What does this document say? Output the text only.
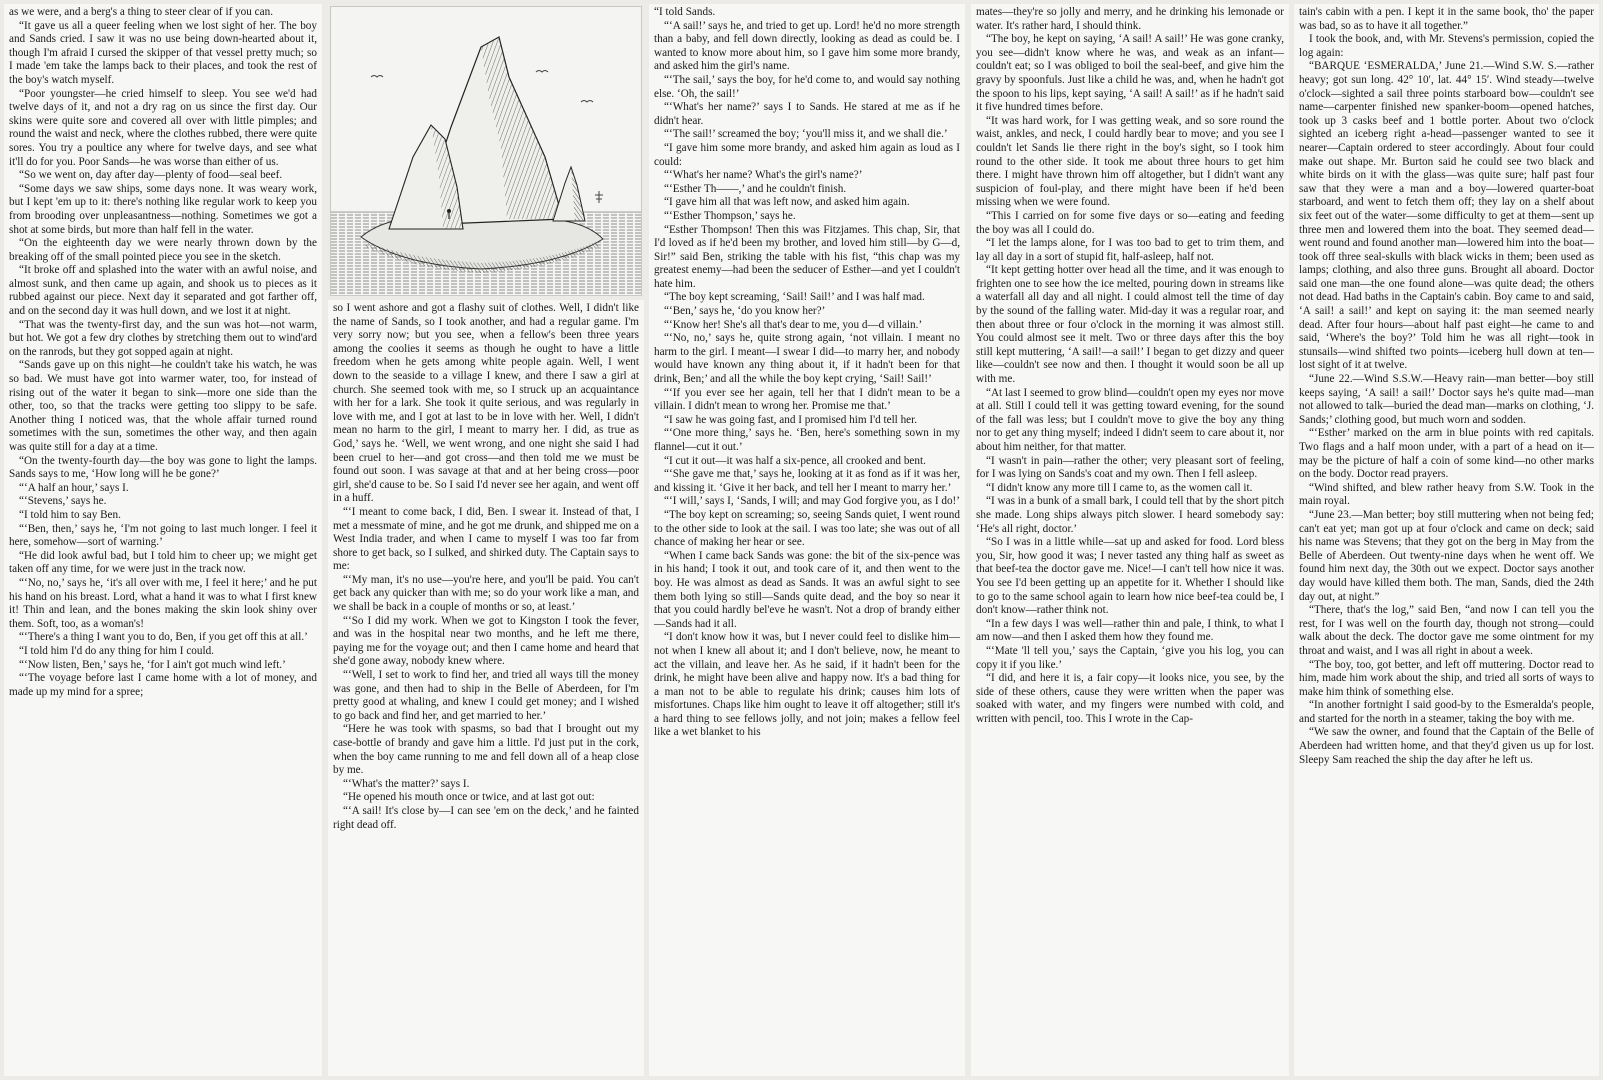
as we were, and a berg's a thing to steer clear of if you can.

“It gave us all a queer feeling when we lost sight of her. The boy and Sands cried. I saw it was no use being down-hearted about it, though I'm afraid I cursed the skipper of that vessel pretty much; so I made 'em take the lamps back to their places, and took the rest of the boy's watch myself.

“Poor youngster—he cried himself to sleep. You see we'd had twelve days of it, and not a dry rag on us since the first day. Our skins were quite sore and covered all over with little pimples; and round the waist and neck, where the clothes rubbed, there were quite sores. You try a poultice any where for twelve days, and see what it'll do for you. Poor Sands—he was worse than either of us.

“So we went on, day after day—plenty of food—seal beef.

“Some days we saw ships, some days none. It was weary work, but I kept 'em up to it: there's nothing like regular work to keep you from brooding over unpleasantness—nothing. Sometimes we got a shot at some birds, but more than half fell in the water.

“On the eighteenth day we were nearly thrown down by the breaking off of the small pointed piece you see in the sketch.

“It broke off and splashed into the water with an awful noise, and almost sunk, and then came up again, and shook us to pieces as it rubbed against our piece. Next day it separated and got farther off, and on the second day it was hull down, and we lost it at night.

“That was the twenty-first day, and the sun was hot—not warm, but hot. We got a few dry clothes by stretching them out to wind'ard on the ranrods, but they got sopped again at night.

“Sands gave up on this night—he couldn't take his watch, he was so bad. We must have got into warmer water, too, for instead of rising out of the water it began to sink—more one side than the other, too, so that the tracks were getting too slippy to be safe. Another thing I noticed was, that the whole affair turned round sometimes with the sun, sometimes the other way, and then again was quite still for a day at a time.

“On the twenty-fourth day—the boy was gone to light the lamps. Sands says to me, ‘How long will he be gone?’

“‘A half an hour,’ says I.

“‘Stevens,’ says he.

“I told him to say Ben.

“‘Ben, then,’ says he, ‘I'm not going to last much longer. I feel it here, somehow—sort of warning.’

“He did look awful bad, but I told him to cheer up; we might get taken off any time, for we were just in the track now.

“‘No, no,’ says he, ‘it's all over with me, I feel it here;’ and he put his hand on his breast. Lord, what a hand it was to what I first knew it! Thin and lean, and the bones making the skin look shiny over them. Soft, too, as a woman's!

“‘There's a thing I want you to do, Ben, if you get off this at all.’

“I told him I'd do any thing for him I could.

“‘Now listen, Ben,’ says he, ‘for I ain't got much wind left.’

“‘The voyage before last I came home with a lot of money, and made up my mind for a spree;

so I went ashore and got a flashy suit of clothes. Well, I didn't like the name of Sands, so I took another, and had a regular game. I'm very sorry now; but you see, when a fellow's been three years among the coolies it seems as though he ought to have a little freedom when he gets among white people again. Well, I went down to the seaside to a village I knew, and there I saw a girl at church. She seemed took with me, so I struck up an acquaintance with her for a lark. She took it quite serious, and was regularly in love with me, and I got at last to be in love with her. Well, I didn't mean no harm to the girl, I meant to marry her. I did, as true as God,’ says he. ‘Well, we went wrong, and one night she said I had been cruel to her—and got cross—and then told me we must be found out soon. I was savage at that and at her being cross—poor girl, she'd cause to be. So I said I'd never see her again, and went off in a huff.

“‘I meant to come back, I did, Ben. I swear it. Instead of that, I met a messmate of mine, and he got me drunk, and shipped me on a West India trader, and when I came to myself I was too far from shore to get back, so I sulked, and shirked duty. The Captain says to me:

“‘My man, it's no use—you're here, and you'll be paid. You can't get back any quicker than with me; so do your work like a man, and we shall be back in a couple of months or so, at least.’

“‘So I did my work. When we got to Kingston I took the fever, and was in the hospital near two months, and he left me there, paying me for the voyage out; and then I came home and heard that she'd gone away, nobody knew where.

“‘Well, I set to work to find her, and tried all ways till the money was gone, and then had to ship in the Belle of Aberdeen, for I'm pretty good at whaling, and knew I could get money; and I wished to go back and find her, and get married to her.’

“Here he was took with spasms, so bad that I brought out my case-bottle of brandy and gave him a little. I'd just put in the cork, when the boy came running to me and fell down all of a heap close by me.

“‘What's the matter?’ says I.

“He opened his mouth once or twice, and at last got out:

“‘A sail! It's close by—I can see 'em on the deck,’ and he fainted right dead off.

“I told Sands.

“‘A sail!’ says he, and tried to get up. Lord! he'd no more strength than a baby, and fell down directly, looking as dead as could be. I wanted to know more about him, so I gave him some more brandy, and asked him the girl's name.

“‘The sail,’ says the boy, for he'd come to, and would say nothing else. ‘Oh, the sail!’

“‘What's her name?’ says I to Sands. He stared at me as if he didn't hear.

“‘The sail!’ screamed the boy; ‘you'll miss it, and we shall die.’

“I gave him some more brandy, and asked him again as loud as I could:

“‘What's her name? What's the girl's name?’

“‘Esther Th——,’ and he couldn't finish.

“I gave him all that was left now, and asked him again.

“‘Esther Thompson,’ says he.

“Esther Thompson! Then this was Fitzjames. This chap, Sir, that I'd loved as if he'd been my brother, and loved him still—by G—d, Sir!” said Ben, striking the table with his fist, “this chap was my greatest enemy—had been the seducer of Esther—and yet I couldn't hate him.

“The boy kept screaming, ‘Sail! Sail!’ and I was half mad.

“‘Ben,’ says he, ‘do you know her?’

“‘Know her! She's all that's dear to me, you d—d villain.’

“‘No, no,’ says he, quite strong again, ‘not villain. I meant no harm to the girl. I meant—I swear I did—to marry her, and nobody would have known any thing about it, if it hadn't been for that drink, Ben;’ and all the while the boy kept crying, ‘Sail! Sail!’

“‘If you ever see her again, tell her that I didn't mean to be a villain. I didn't mean to wrong her. Promise me that.’

“I saw he was going fast, and I promised him I'd tell her.

“‘One more thing,’ says he. ‘Ben, here's something sown in my flannel—cut it out.’

“I cut it out—it was half a six-pence, all crooked and bent.

“‘She gave me that,’ says he, looking at it as fond as if it was her, and kissing it. ‘Give it her back, and tell her I meant to marry her.’

“‘I will,’ says I, ‘Sands, I will; and may God forgive you, as I do!’

“The boy kept on screaming; so, seeing Sands quiet, I went round to the other side to look at the sail. I was too late; she was out of all chance of making her hear or see.

“When I came back Sands was gone: the bit of the six-pence was in his hand; I took it out, and took care of it, and then went to the boy. He was almost as dead as Sands. It was an awful sight to see them both lying so still—Sands quite dead, and the boy so near it that you could hardly bel'eve he wasn't. Not a drop of brandy either—Sands had it all.

“I don't know how it was, but I never could feel to dislike him—not when I knew all about it; and I don't believe, now, he meant to act the villain, and leave her. As he said, if it hadn't been for the drink, he might have been alive and happy now. It's a bad thing for a man not to be able to regulate his drink; causes him lots of misfortunes. Chaps like him ought to leave it off altogether; still it's a hard thing to see fellows jolly, and not join; makes a fellow feel like a wet blanket to his

mates—they're so jolly and merry, and he drinking his lemonade or water. It's rather hard, I should think.

“The boy, he kept on saying, ‘A sail! A sail!’ He was gone cranky, you see—didn't know where he was, and weak as an infant—couldn't eat; so I was obliged to boil the seal-beef, and give him the gravy by spoonfuls. Just like a child he was, and, when he hadn't got the spoon to his lips, kept saying, ‘A sail! A sail!’ as if he hadn't said it five hundred times before.

“It was hard work, for I was getting weak, and so sore round the waist, ankles, and neck, I could hardly bear to move; and you see I couldn't let Sands lie there right in the boy's sight, so I took him round to the other side. It took me about three hours to get him there. I might have thrown him off altogether, but I didn't want any suspicion of foul-play, and there might have been if he'd been missing when we were found.

“This I carried on for some five days or so—eating and feeding the boy was all I could do.

“I let the lamps alone, for I was too bad to get to trim them, and lay all day in a sort of stupid fit, half-asleep, half not.

“It kept getting hotter over head all the time, and it was enough to frighten one to see how the ice melted, pouring down in streams like a waterfall all day and all night. I could almost tell the time of day by the sound of the falling water. Mid-day it was a regular roar, and then about three or four o'clock in the morning it was almost still. You could almost see it melt. Two or three days after this the boy still kept muttering, ‘A sail!—a sail!’ I began to get dizzy and queer like—couldn't see now and then. I thought it would soon be all up with me.

“At last I seemed to grow blind—couldn't open my eyes nor move at all. Still I could tell it was getting toward evening, for the sound of the fall was less; but I couldn't move to give the boy any thing nor to get any thing myself; indeed I didn't seem to care about it, nor about him neither, for that matter.

“I wasn't in pain—rather the other; very pleasant sort of feeling, for I was lying on Sands's coat and my own. Then I fell asleep.

“I didn't know any more till I came to, as the women call it.

“I was in a bunk of a small bark, I could tell that by the short pitch she made. Long ships always pitch slower. I heard somebody say: ‘He's all right, doctor.’

“So I was in a little while—sat up and asked for food. Lord bless you, Sir, how good it was; I never tasted any thing half as sweet as that beef-tea the doctor gave me. Nice!—I can't tell how nice it was. You see I'd been getting up an appetite for it. Whether I should like to go to the same school again to learn how nice beef-tea could be, I don't know—rather think not.

“In a few days I was well—rather thin and pale, I think, to what I am now—and then I asked them how they found me.

“‘Mate 'll tell you,’ says the Captain, ‘give you his log, you can copy it if you like.’

“I did, and here it is, a fair copy—it looks nice, you see, by the side of these others, cause they were written when the paper was soaked with water, and my fingers were numbed with cold, and written with pencil, too. This I wrote in the Cap-

tain's cabin with a pen. I kept it in the same book, tho' the paper was bad, so as to have it all together.”

I took the book, and, with Mr. Stevens's permission, copied the log again:

“BARQUE ‘ESMERALDA,’ June 21.—Wind S.W. S.—rather heavy; got sun long. 42° 10′, lat. 44° 15′. Wind steady—twelve o'clock—sighted a sail three points starboard bow—couldn't see name—carpenter finished new spanker-boom—opened hatches, took up 3 casks beef and 1 bottle porter. About two o'clock sighted an iceberg right a-head—passenger wanted to see it nearer—Captain ordered to steer accordingly. About four could make out shape. Mr. Burton said he could see two black and white birds on it with the glass—was quite sure; half past four saw that they were a man and a boy—lowered quarter-boat starboard, and went to fetch them off; they lay on a shelf about six feet out of the water—some difficulty to get at them—sent up three men and lowered them into the boat. They seemed dead—went round and found another man—lowered him into the boat—took off three seal-skulls with black wicks in them; been used as lamps; clothing, and also three guns. Brought all aboard. Doctor said one man—the one found alone—was quite dead; the others not dead. Had baths in the Captain's cabin. Boy came to and said, ‘A sail! a sail!’ and kept on saying it: the man seemed nearly dead. After four hours—about half past eight—he came to and said, ‘Where's the boy?’ Told him he was all right—took in stunsails—wind shifted two points—iceberg hull down at ten—lost sight of it at twelve.

“June 22.—Wind S.S.W.—Heavy rain—man better—boy still keeps saying, ‘A sail! a sail!’ Doctor says he's quite mad—man not allowed to talk—buried the dead man—marks on clothing, ‘J. Sands;’ clothing good, but much worn and sodden.

“‘Esther’ marked on the arm in blue points with red capitals. Two flags and a half moon under, with a part of a head on it—may be the picture of half a coin of some kind—no other marks on the body. Doctor read prayers.

“Wind shifted, and blew rather heavy from S.W. Took in the main royal.

“June 23.—Man better; boy still muttering when not being fed; can't eat yet; man got up at four o'clock and came on deck; said his name was Stevens; that they got on the berg in May from the Belle of Aberdeen. Out twenty-nine days when he went off. We found him next day, the 30th out we expect. Doctor says another day would have killed them both. The man, Sands, died the 24th day out, at night.”

“There, that's the log,” said Ben, “and now I can tell you the rest, for I was well on the fourth day, though not strong—could walk about the deck. The doctor gave me some ointment for my throat and waist, and I was all right in about a week.

“The boy, too, got better, and left off muttering. Doctor read to him, made him work about the ship, and tried all sorts of ways to make him think of something else.

“In another fortnight I said good-by to the Esmeralda's people, and started for the north in a steamer, taking the boy with me.

“We saw the owner, and found that the Captain of the Belle of Aberdeen had written home, and that they'd given us up for lost. Sleepy Sam reached the ship the day after he left us.
